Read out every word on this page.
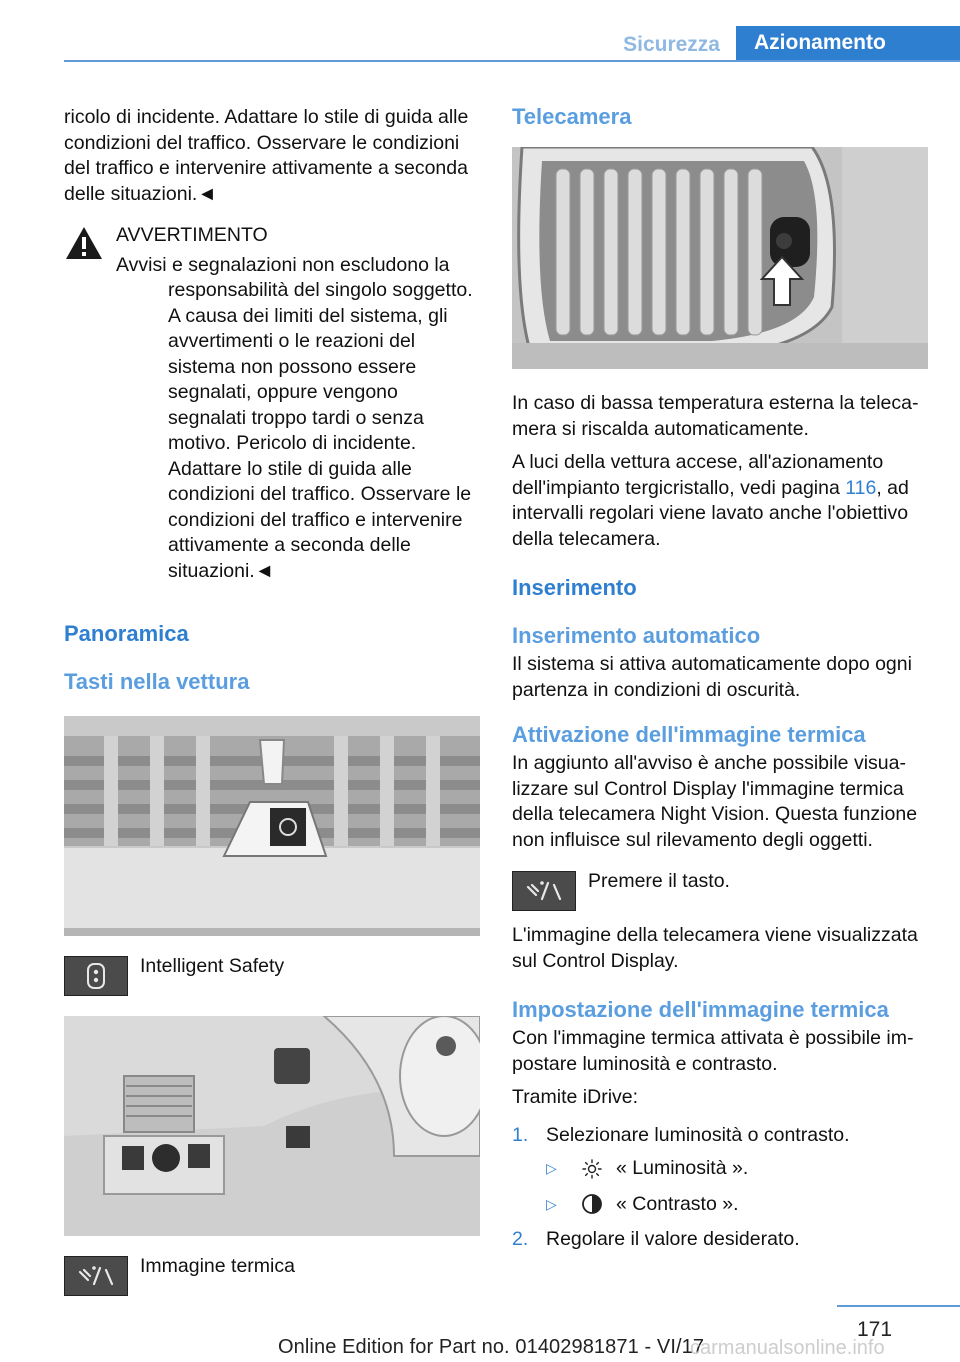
Sicurezza	Azionamento

ricolo di incidente. Adattare lo stile di guida alle condizioni del traffico. Osservare le condizioni del traffico e intervenire attivamente a seconda delle situazioni.◄

AVVERTIMENTO

Avvisi e segnalazioni non escludono la responsabilità del singolo soggetto. A causa dei limiti del sistema, gli avvertimenti o le reazioni del sistema non possono essere segnalati, oppure vengono segnalati troppo tardi o senza motivo. Pericolo di incidente. Adattare lo stile di guida alle condizioni del traffico. Osservare le condizioni del traffico e intervenire attivamente a seconda delle situazioni.◄

Panoramica
Tasti nella vettura

Intelligent Safety

Immagine termica

Telecamera

In caso di bassa temperatura esterna la telecamera si riscalda automaticamente.

A luci della vettura accese, all'azionamento dell'impianto tergicristallo, vedi pagina 116, ad intervalli regolari viene lavato anche l'obiettivo della telecamera.

Inserimento
Inserimento automatico

Il sistema si attiva automaticamente dopo ogni partenza in condizioni di oscurità.

Attivazione dell'immagine termica

In aggiunto all'avviso è anche possibile visualizzare sul Control Display l'immagine termica della telecamera Night Vision. Questa funzione non influisce sul rilevamento degli oggetti.

Premere il tasto.

L'immagine della telecamera viene visualizzata sul Control Display.

Impostazione dell'immagine termica

Con l'immagine termica attivata è possibile impostare luminosità e contrasto.

Tramite iDrive:

1. Selezionare luminosità o contrasto.
▷	« Luminosità ».
▷	« Contrasto ».
2. Regolare il valore desiderato.
171
Online Edition for Part no. 01402981871 - VI/17
carmanualsonline.info
